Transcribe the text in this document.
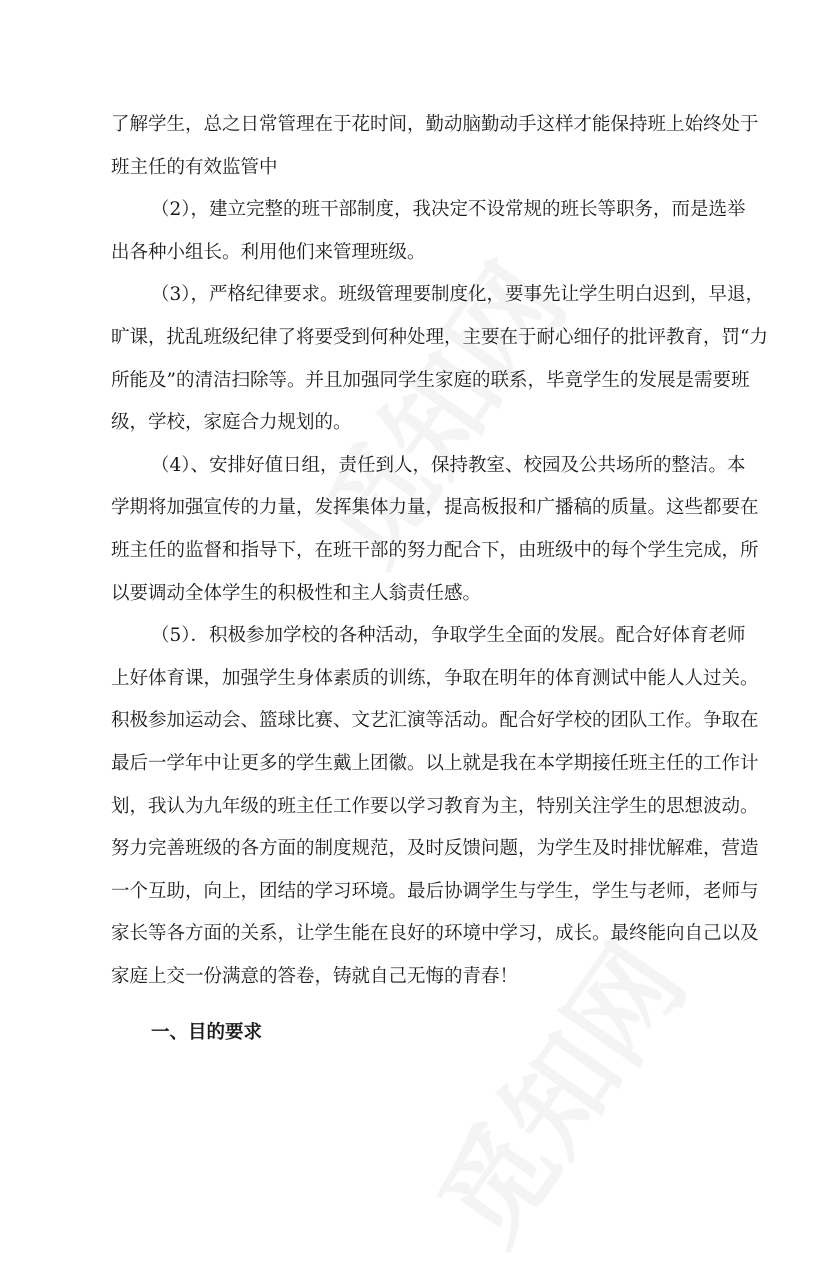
了解学生，总之日常管理在于花时间，勤动脑勤动手这样才能保持班上始终处于
班主任的有效监管中
（2），建立完整的班干部制度，我决定不设常规的班长等职务，而是选举
出各种小组长。利用他们来管理班级。
（3），严格纪律要求。班级管理要制度化，要事先让学生明白迟到，早退，
旷课，扰乱班级纪律了将要受到何种处理，主要在于耐心细仔的批评教育，罚“力
所能及”的清洁扫除等。并且加强同学生家庭的联系，毕竟学生的发展是需要班
级，学校，家庭合力规划的。
（4）、安排好值日组，责任到人，保持教室、校园及公共场所的整洁。本
学期将加强宣传的力量，发挥集体力量，提高板报和广播稿的质量。这些都要在
班主任的监督和指导下，在班干部的努力配合下，由班级中的每个学生完成，所
以要调动全体学生的积极性和主人翁责任感。
（5）．积极参加学校的各种活动，争取学生全面的发展。配合好体育老师
上好体育课，加强学生身体素质的训练，争取在明年的体育测试中能人人过关。
积极参加运动会、篮球比赛、文艺汇演等活动。配合好学校的团队工作。争取在
最后一学年中让更多的学生戴上团徽。以上就是我在本学期接任班主任的工作计
划，我认为九年级的班主任工作要以学习教育为主，特别关注学生的思想波动。
努力完善班级的各方面的制度规范，及时反馈问题，为学生及时排忧解难，营造
一个互助，向上，团结的学习环境。最后协调学生与学生，学生与老师，老师与
家长等各方面的关系，让学生能在良好的环境中学习，成长。最终能向自己以及
家庭上交一份满意的答卷，铸就自己无悔的青春！
一、目的要求
